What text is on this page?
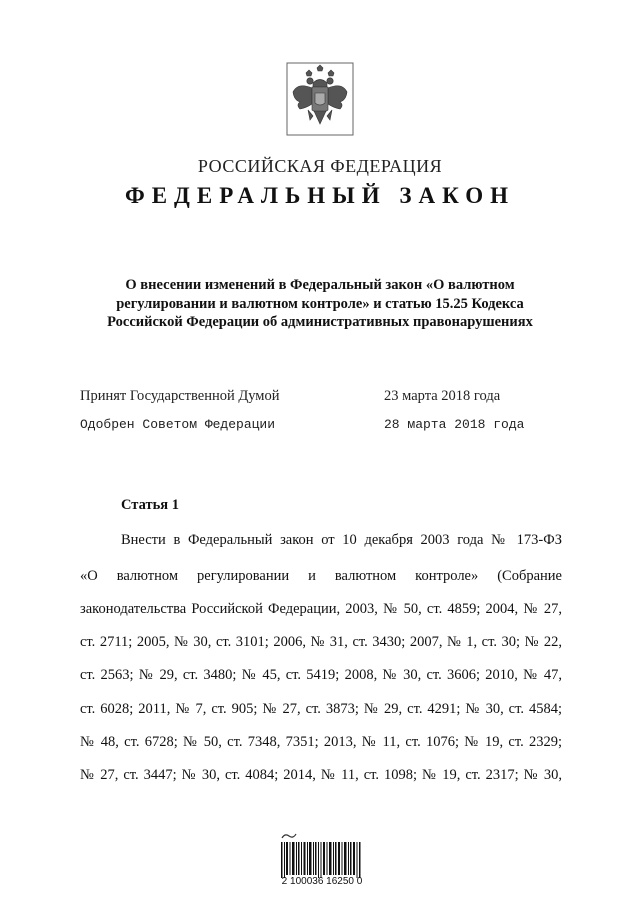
РОССИЙСКАЯ ФЕДЕРАЦИЯ
ФЕДЕРАЛЬНЫЙ ЗАКОН
О внесении изменений в Федеральный закон «О валютном
регулировании и валютном контроле» и статью 15.25 Кодекса
Российской Федерации об административных правонарушениях
Принят Государственной Думой	23 марта 2018 года
Одобрен Советом Федерации	28 марта 2018 года
Статья 1
Внести в Федеральный закон от 10 декабря 2003 года № 173-ФЗ
«О валютном регулировании и валютном контроле» (Собрание
законодательства Российской Федерации, 2003, № 50, ст. 4859; 2004, № 27,
ст. 2711; 2005, № 30, ст. 3101; 2006, № 31, ст. 3430; 2007, № 1, ст. 30; № 22,
ст. 2563; № 29, ст. 3480; № 45, ст. 5419; 2008, № 30, ст. 3606; 2010, № 47,
ст. 6028; 2011, № 7, ст. 905; № 27, ст. 3873; № 29, ст. 4291; № 30, ст. 4584;
№ 48, ст. 6728; № 50, ст. 7348, 7351; 2013, № 11, ст. 1076; № 19, ст. 2329;
№ 27, ст. 3447; № 30, ст. 4084; 2014, № 11, ст. 1098; № 19, ст. 2317; № 30,
2 100036 16250 0
